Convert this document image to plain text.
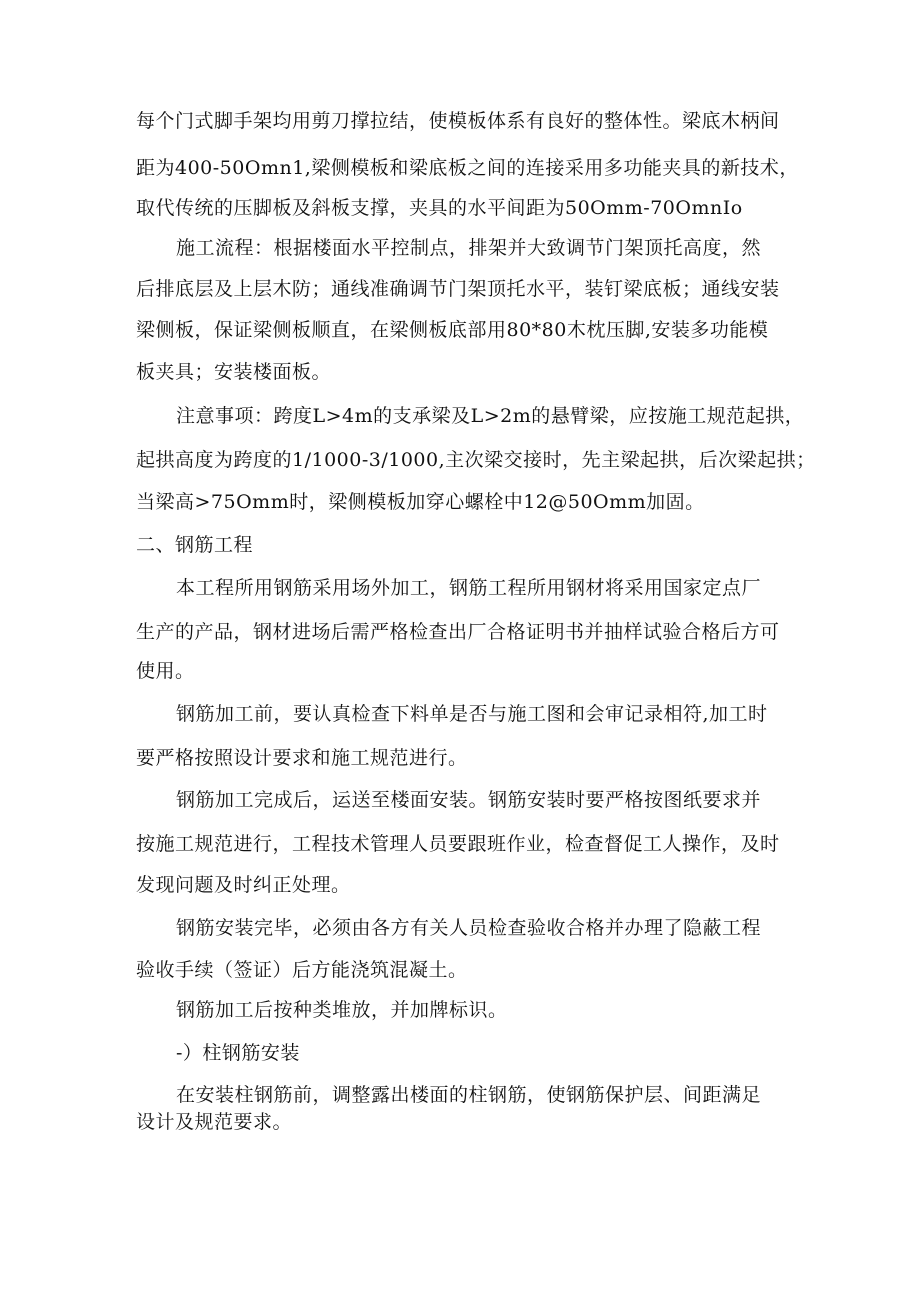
每个门式脚手架均用剪刀撑拉结，使模板体系有良好的整体性。梁底木柄间
距为400-50Omn1,梁侧模板和梁底板之间的连接采用多功能夹具的新技术，
取代传统的压脚板及斜板支撑，夹具的水平间距为50Omm-70OmnIo
施工流程：根据楼面水平控制点，排架并大致调节门架顶托高度，然
后排底层及上层木防；通线准确调节门架顶托水平，装钉梁底板；通线安装
梁侧板，保证梁侧板顺直，在梁侧板底部用80*80木枕压脚,安装多功能模
板夹具；安装楼面板。
注意事项：跨度L>4m的支承梁及L>2m的悬臂梁，应按施工规范起拱，
起拱高度为跨度的1/1000-3/1000,主次梁交接时，先主梁起拱，后次梁起拱；
当梁高>75Omm时，梁侧模板加穿心螺栓中12@50Omm加固。
二、钢筋工程
本工程所用钢筋采用场外加工，钢筋工程所用钢材将采用国家定点厂
生产的产品，钢材进场后需严格检查出厂合格证明书并抽样试验合格后方可
使用。
钢筋加工前，要认真检查下料单是否与施工图和会审记录相符,加工时
要严格按照设计要求和施工规范进行。
钢筋加工完成后，运送至楼面安装。钢筋安装时要严格按图纸要求并
按施工规范进行，工程技术管理人员要跟班作业，检查督促工人操作，及时
发现问题及时纠正处理。
钢筋安装完毕，必须由各方有关人员检查验收合格并办理了隐蔽工程
验收手续（签证）后方能浇筑混凝土。
钢筋加工后按种类堆放，并加牌标识。
-）柱钢筋安装
在安装柱钢筋前，调整露出楼面的柱钢筋，使钢筋保护层、间距满足
设计及规范要求。
